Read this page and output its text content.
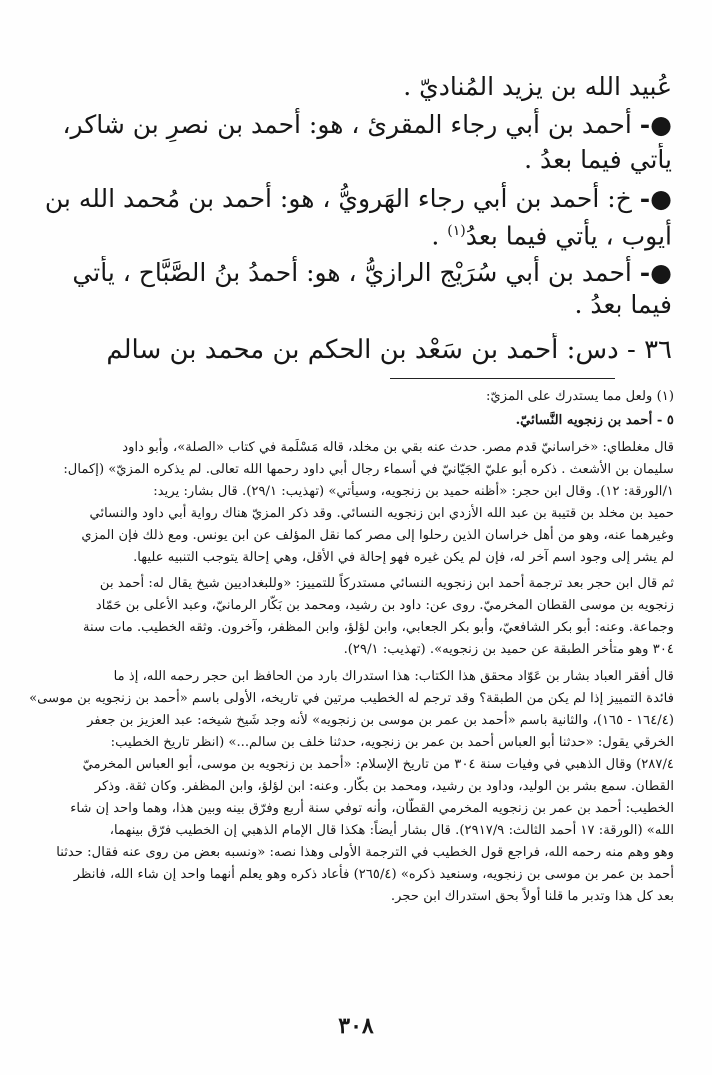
عُبيد الله بن يزيد المُناديّ .
●- أحمد بن أبي رجاء المقرئ ، هو: أحمد بن نصرِ بن شاكر،
يأتي فيما بعدُ .
●- خ: أحمد بن أبي رجاء الهَرويُّ ، هو: أحمد بن مُحمد الله بن
أيوب ، يأتي فيما بعدُ$^{(١)}$ .
●- أحمد بن أبي سُرَيْج الرازيُّ ، هو: أحمدُ بنُ الصَّبَّاح ، يأتي
فيما بعدُ .
٣٦ - دس: أحمد بن سَعْد بن الحكم بن محمد بن سالم
(١) ولعل مما يستدرك على المزيّ:
٥ - أحمد بن زنجويه النَّسائيّ.
قال مغلطاي: «خراسانيّ قدم مصر. حدث عنه بقي بن مخلد، قاله مَسْلَمة في كتاب «الصلة»، وأبو داود
سليمان بن الأشعث . ذكره أبو عليّ الجَيّانيّ في أسماء رجال أبي داود رحمها الله تعالى. لم يذكره المزيّ» (إكمال:
١/الورقة: ١٢). وقال ابن حجر: «أظنه حميد بن زنجويه، وسيأتي» (تهذيب: ٢٩/١). قال بشار: يريد:
حميد بن مخلد بن قتيبة بن عبد الله الأزدي ابن زنجويه النسائي. وقد ذكر المزيّ هناك رواية أبي داود والنسائي
وغيرهما عنه، وهو من أهل خراسان الذين رحلوا إلى مصر كما نقل المؤلف عن ابن يونس. ومع ذلك فإن المزي
لم يشر إلى وجود اسم آخر له، فإن لم يكن غيره فهو إحالة في الأقل، وهي إحالة يتوجب التنبيه عليها.
ثم قال ابن حجر بعد ترجمة أحمد ابن زنجويه النسائي مستدركاً للتمييز: «وللبغداديين شيخ يقال له: أحمد بن
زنجويه بن موسى القطان المخرميّ. روى عن: داود بن رشيد، ومحمد بن بَكّار الرمانيّ، وعبد الأعلى بن حَمّاد
وجماعة. وعنه: أبو بكر الشافعيّ، وأبو بكر الجعابي، وابن لؤلؤ، وابن المظفر، وآخرون. وثقه الخطيب. مات سنة
٣٠٤ وهو متأخر الطبقة عن حميد بن زنجويه». (تهذيب: ٢٩/١).
قال أفقر العباد بشار بن عَوّاد محقق هذا الكتاب: هذا استدراك بارد من الحافظ ابن حجر رحمه الله، إذ ما
فائدة التمييز إذا لم يكن من الطبقة؟ وقد ترجم له الخطيب مرتين في تاريخه، الأولى باسم «أحمد بن زنجويه بن موسى»
(١٦٤/٤ - ١٦٥)، والثانية باسم «أحمد بن عمر بن موسى بن زنجويه» لأنه وجد شَيخ شيخه: عبد العزيز بن جعفر
الخرقي يقول: «حدثنا أبو العباس أحمد بن عمر بن زنجويه، حدثنا خلف بن سالم...» (انظر تاريخ الخطيب:
٢٨٧/٤) وقال الذهبي في وفيات سنة ٣٠٤ من تاريخ الإسلام: «أحمد بن زنجويه بن موسى، أبو العباس المخرميّ
القطان. سمع بشر بن الوليد، وداود بن رشيد، ومحمد بن بكّار. وعنه: ابن لؤلؤ، وابن المظفر. وكان ثقة. وذكر
الخطيب: أحمد بن عمر بن زنجويه المخرمي القطّان، وأنه توفي سنة أربع وفرّق بينه وبين هذا، وهما واحد إن شاء
الله» (الورقة: ١٧ أحمد الثالث: ٢٩١٧/٩). قال بشار أيضاً: هكذا قال الإمام الذهبي إن الخطيب فرّق بينهما،
وهو وهم منه رحمه الله، فراجع قول الخطيب في الترجمة الأولى وهذا نصه: «ونسبه بعض من روى عنه فقال: حدثنا
أحمد بن عمر بن موسى بن زنجويه، وسنعيد ذكره» (٢٦٥/٤) فأعاد ذكره وهو يعلم أنهما واحد إن شاء الله، فانظر
بعد كل هذا وتدبر ما قلنا أولاً بحق استدراك ابن حجر.
٣٠٨
